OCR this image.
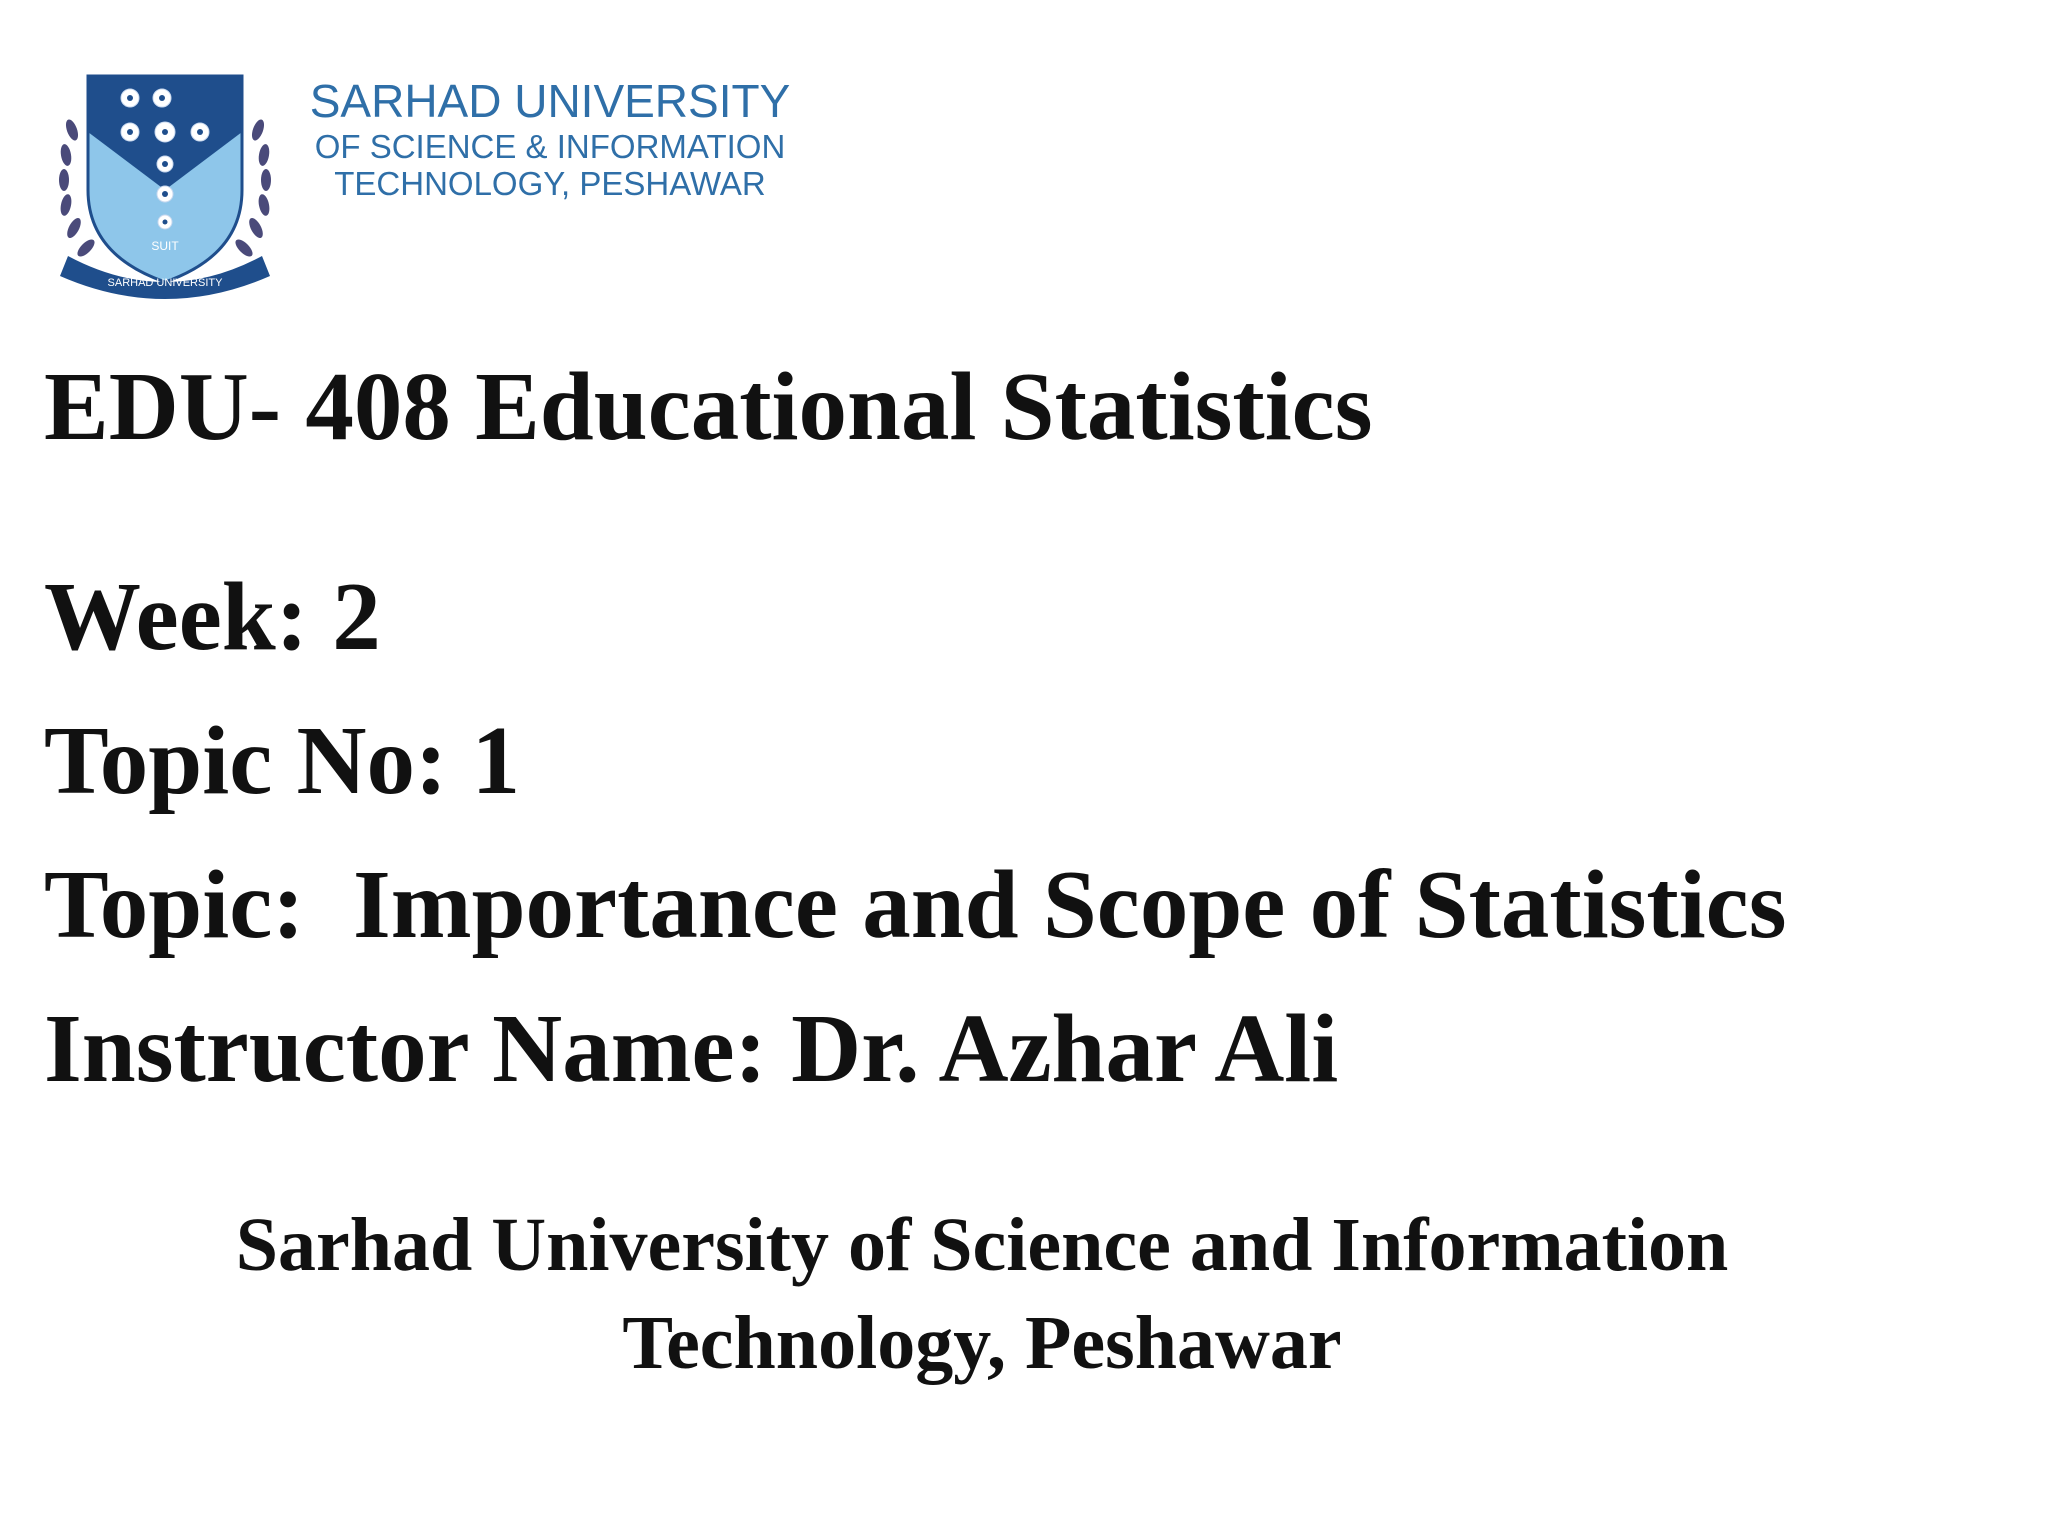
SUIT
SARHAD UNIVERSITY
SARHAD UNIVERSITY
OF SCIENCE & INFORMATION
TECHNOLOGY, PESHAWAR
EDU- 408 Educational Statistics

Week: 2

Topic No: 1

Topic:  Importance and Scope of Statistics

Instructor Name: Dr. Azhar Ali

Sarhad University of Science and Information
Technology, Peshawar
